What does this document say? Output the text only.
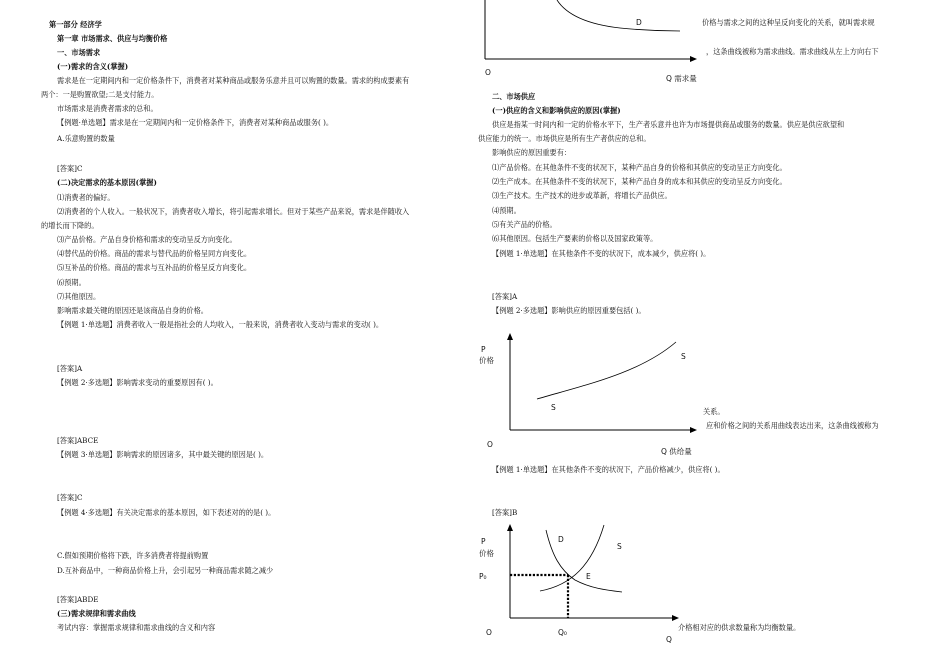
第一部分 经济学
第一章 市场需求、供应与均衡价格
一、市场需求
(一)需求的含义(掌握)
需求是在一定期间内和一定价格条件下，消费者对某种商品或服务乐意并且可以购置的数量。需求的构成要素有
两个：一是购置欲望;二是支付能力。
市场需求是消费者需求的总和。
【例题·单选题】需求是在一定期间内和一定价格条件下，消费者对某种商品或服务( )。
A.乐意购置的数量
[答案]C
(二)决定需求的基本原因(掌握)
⑴消费者的偏好。
⑵消费者的个人收入。一般状况下，消费者收入增长，将引起需求增长。但对于某些产品来说，需求是伴随收入
的增长而下降的。
⑶产品价格。产品自身价格和需求的变动呈反方向变化。
⑷替代品的价格。商品的需求与替代品的价格呈同方向变化。
⑸互补品的价格。商品的需求与互补品的价格呈反方向变化。
⑹预期。
⑺其他原因。
影响需求最关键的原因还是该商品自身的价格。
【例题 1·单选题】消费者收入一般是指社会的人均收入，一般来说，消费者收入变动与需求的变动( )。
[答案]A
【例题 2·多选题】影响需求变动的重要原因有( )。
[答案]ABCE
【例题 3·单选题】影响需求的原因诸多，其中最关键的原因是( )。
[答案]C
【例题 4·多选题】有关决定需求的基本原因，如下表述对的的是( )。
C.假如预期价格将下跌，许多消费者将提前购置
D.互补商品中，一种商品价格上升，会引起另一种商品需求随之减少
[答案]ABDE
(三)需求规律和需求曲线
考试内容：掌握需求规律和需求曲线的含义和内容
D
O
Q 需求量
价格与需求之间的这种呈反向变化的关系，就叫需求规
，这条曲线被称为需求曲线。需求曲线从左上方向右下
二、市场供应
(一)供应的含义和影响供应的原因(掌握)
供应是指某一时间内和一定的价格水平下，生产者乐意并也许为市场提供商品或服务的数量。供应是供应欲望和
供应能力的统一。市场供应是所有生产者供应的总和。
影响供应的原因重要有：
⑴产品价格。在其他条件不变的状况下，某种产品自身的价格和其供应的变动呈正方向变化。
⑵生产成本。在其他条件不变的状况下，某种产品自身的成本和其供应的变动呈反方向变化。
⑶生产技术。生产技术的进步或革新，将增长产品供应。
⑷预期。
⑸有关产品的价格。
⑹其他原因。包括生产要素的价格以及国家政策等。
【例题 1·单选题】在其他条件不变的状况下，成本减少，供应将( )。
[答案]A
【例题 2·多选题】影响供应的原因重要包括( )。
P
价格	S
S
O
Q 供给量
关系。
应和价格之间的关系用曲线表达出来，这条曲线被称为
【例题 1·单选题】在其他条件不变的状况下，产品价格减少，供应将( )。
[答案]B
P
价格
D
S
E
P₀
O	Q₀
Q
介格相对应的供求数量称为均衡数量。
